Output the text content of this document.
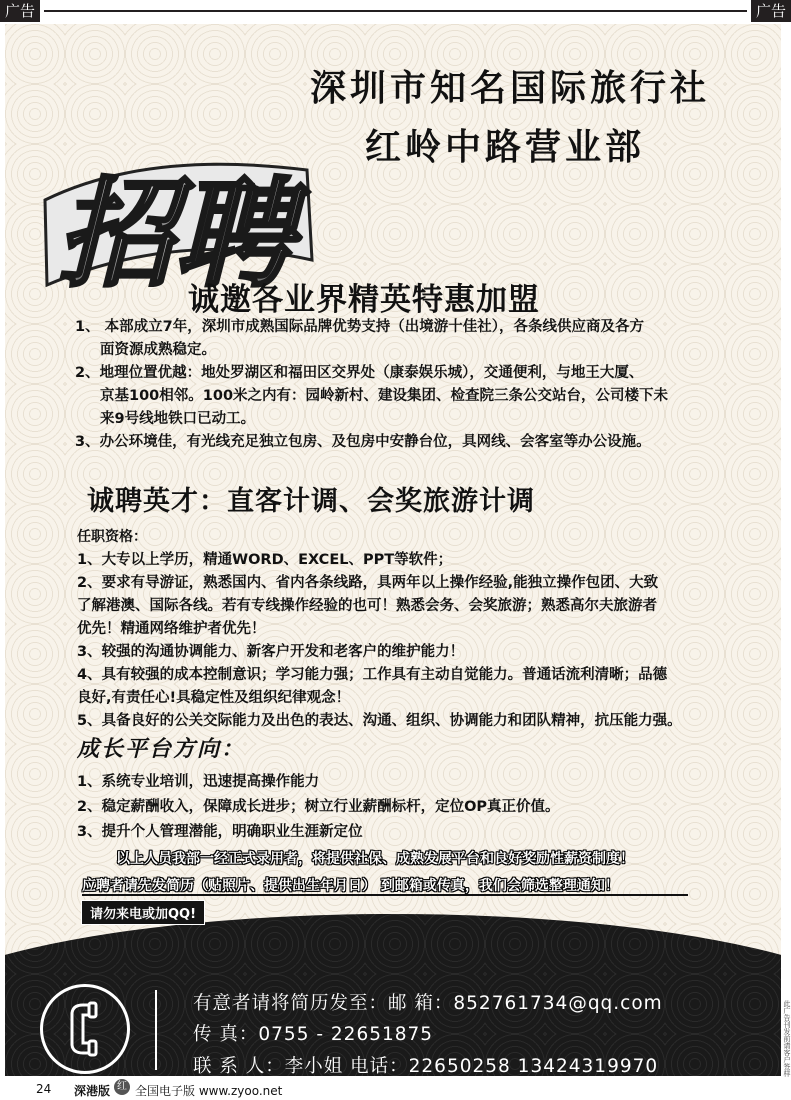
广告	广告
深圳市知名国际旅行社
红岭中路营业部
招聘
诚邀各业界精英特惠加盟
1、 本部成立7年，深圳市成熟国际品牌优势支持（出境游十佳社），各条线供应商及各方
面资源成熟稳定。
2、地理位置优越：地处罗湖区和福田区交界处（康泰娱乐城），交通便利，与地王大厦、
京基100相邻。100米之内有：园岭新村、建设集团、检查院三条公交站台，公司楼下未
来9号线地铁口已动工。
3、办公环境佳，有光线充足独立包房、及包房中安静台位，具网线、会客室等办公设施。
诚聘英才：直客计调、会奖旅游计调
任职资格：
1、大专以上学历，精通WORD、EXCEL、PPT等软件；
2、要求有导游证，熟悉国内、省内各条线路，具两年以上操作经验,能独立操作包团、大致
了解港澳、国际各线。若有专线操作经验的也可！熟悉会务、会奖旅游；熟悉高尔夫旅游者
优先！精通网络维护者优先！
3、较强的沟通协调能力、新客户开发和老客户的维护能力！
4、具有较强的成本控制意识；学习能力强；工作具有主动自觉能力。普通话流利清晰；品德
良好,有责任心!具稳定性及组织纪律观念！
5、具备良好的公关交际能力及出色的表达、沟通、组织、协调能力和团队精神，抗压能力强。
成长平台方向：
1、系统专业培训，迅速提高操作能力
2、稳定薪酬收入，保障成长进步；树立行业薪酬标杆，定位OP真正价值。
3、提升个人管理潜能，明确职业生涯新定位
以上人员我部一经正式录用者，将提供社保、成熟发展平台和良好奖励性薪资制度！
应聘者请先发简历（贴照片、提供出生年月日） 到邮箱或传真，我们会筛选整理通知！
请勿来电或加QQ!
有意者请将简历发至：邮 箱：852761734@qq.com
传 真：0755 - 22651875
联 系 人：李小姐 电话：22650258 13424319970
24 深港版 红 全国电子版 www.zyoo.net
此广告刊发前请客户签样
